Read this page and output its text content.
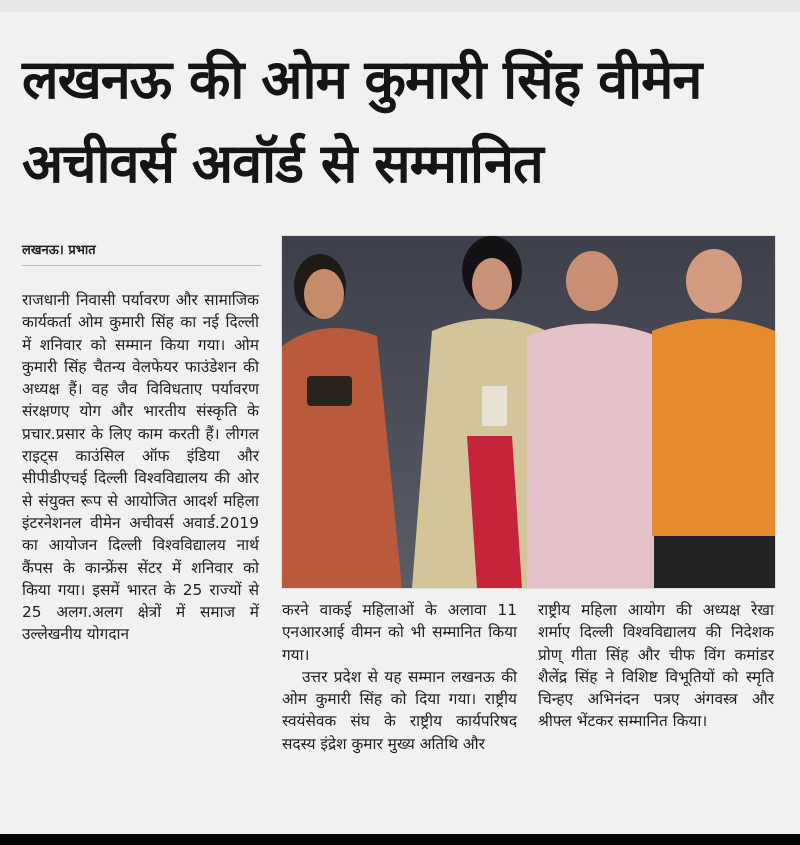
लखनऊ की ओम कुमारी सिंह वीमेन
अचीवर्स अवॉर्ड से सम्मानित
लखनऊ। प्रभात

राजधानी निवासी पर्यावरण और सामाजिक कार्यकर्ता ओम कुमारी सिंह का नई दिल्ली में शनिवार को सम्मान किया गया। ओम कुमारी सिंह चैतन्य वेलफेयर फाउंडेशन की अध्यक्ष हैं। वह जैव विविधताए पर्यावरण संरक्षणए योग और भारतीय संस्कृति के प्रचार.प्रसार के लिए काम करती हैं। लीगल राइट्स काउंसिल ऑफ इंडिया और सीपीडीएचई दिल्ली विश्वविद्यालय की ओर से संयुक्त रूप से आयोजित आदर्श महिला इंटरनेशनल वीमेन अचीवर्स अवार्ड.2019 का आयोजन दिल्ली विश्वविद्यालय नार्थ कैंपस के कान्फ्रेंस सेंटर में शनिवार को किया गया। इसमें भारत के 25 राज्यों से 25 अलग.अलग क्षेत्रों में समाज में उल्लेखनीय योगदान

करने वाकई महिलाओं के अलावा 11 एनआरआई वीमन को भी सम्मानित किया गया।

उत्तर प्रदेश से यह सम्मान लखनऊ की ओम कुमारी सिंह को दिया गया। राष्ट्रीय स्वयंसेवक संघ के राष्ट्रीय कार्यपरिषद सदस्य इंद्रेश कुमार मुख्य अतिथि और

राष्ट्रीय महिला आयोग की अध्यक्ष रेखा शर्माए दिल्ली विश्वविद्यालय की निदेशक प्रोण् गीता सिंह और चीफ विंग कमांडर शैलेंद्र सिंह ने विशिष्ट विभूतियों को स्मृति चिन्हए अभिनंदन पत्रए अंगवस्त्र और श्रीफ्ल भेंटकर सम्मानित किया।
